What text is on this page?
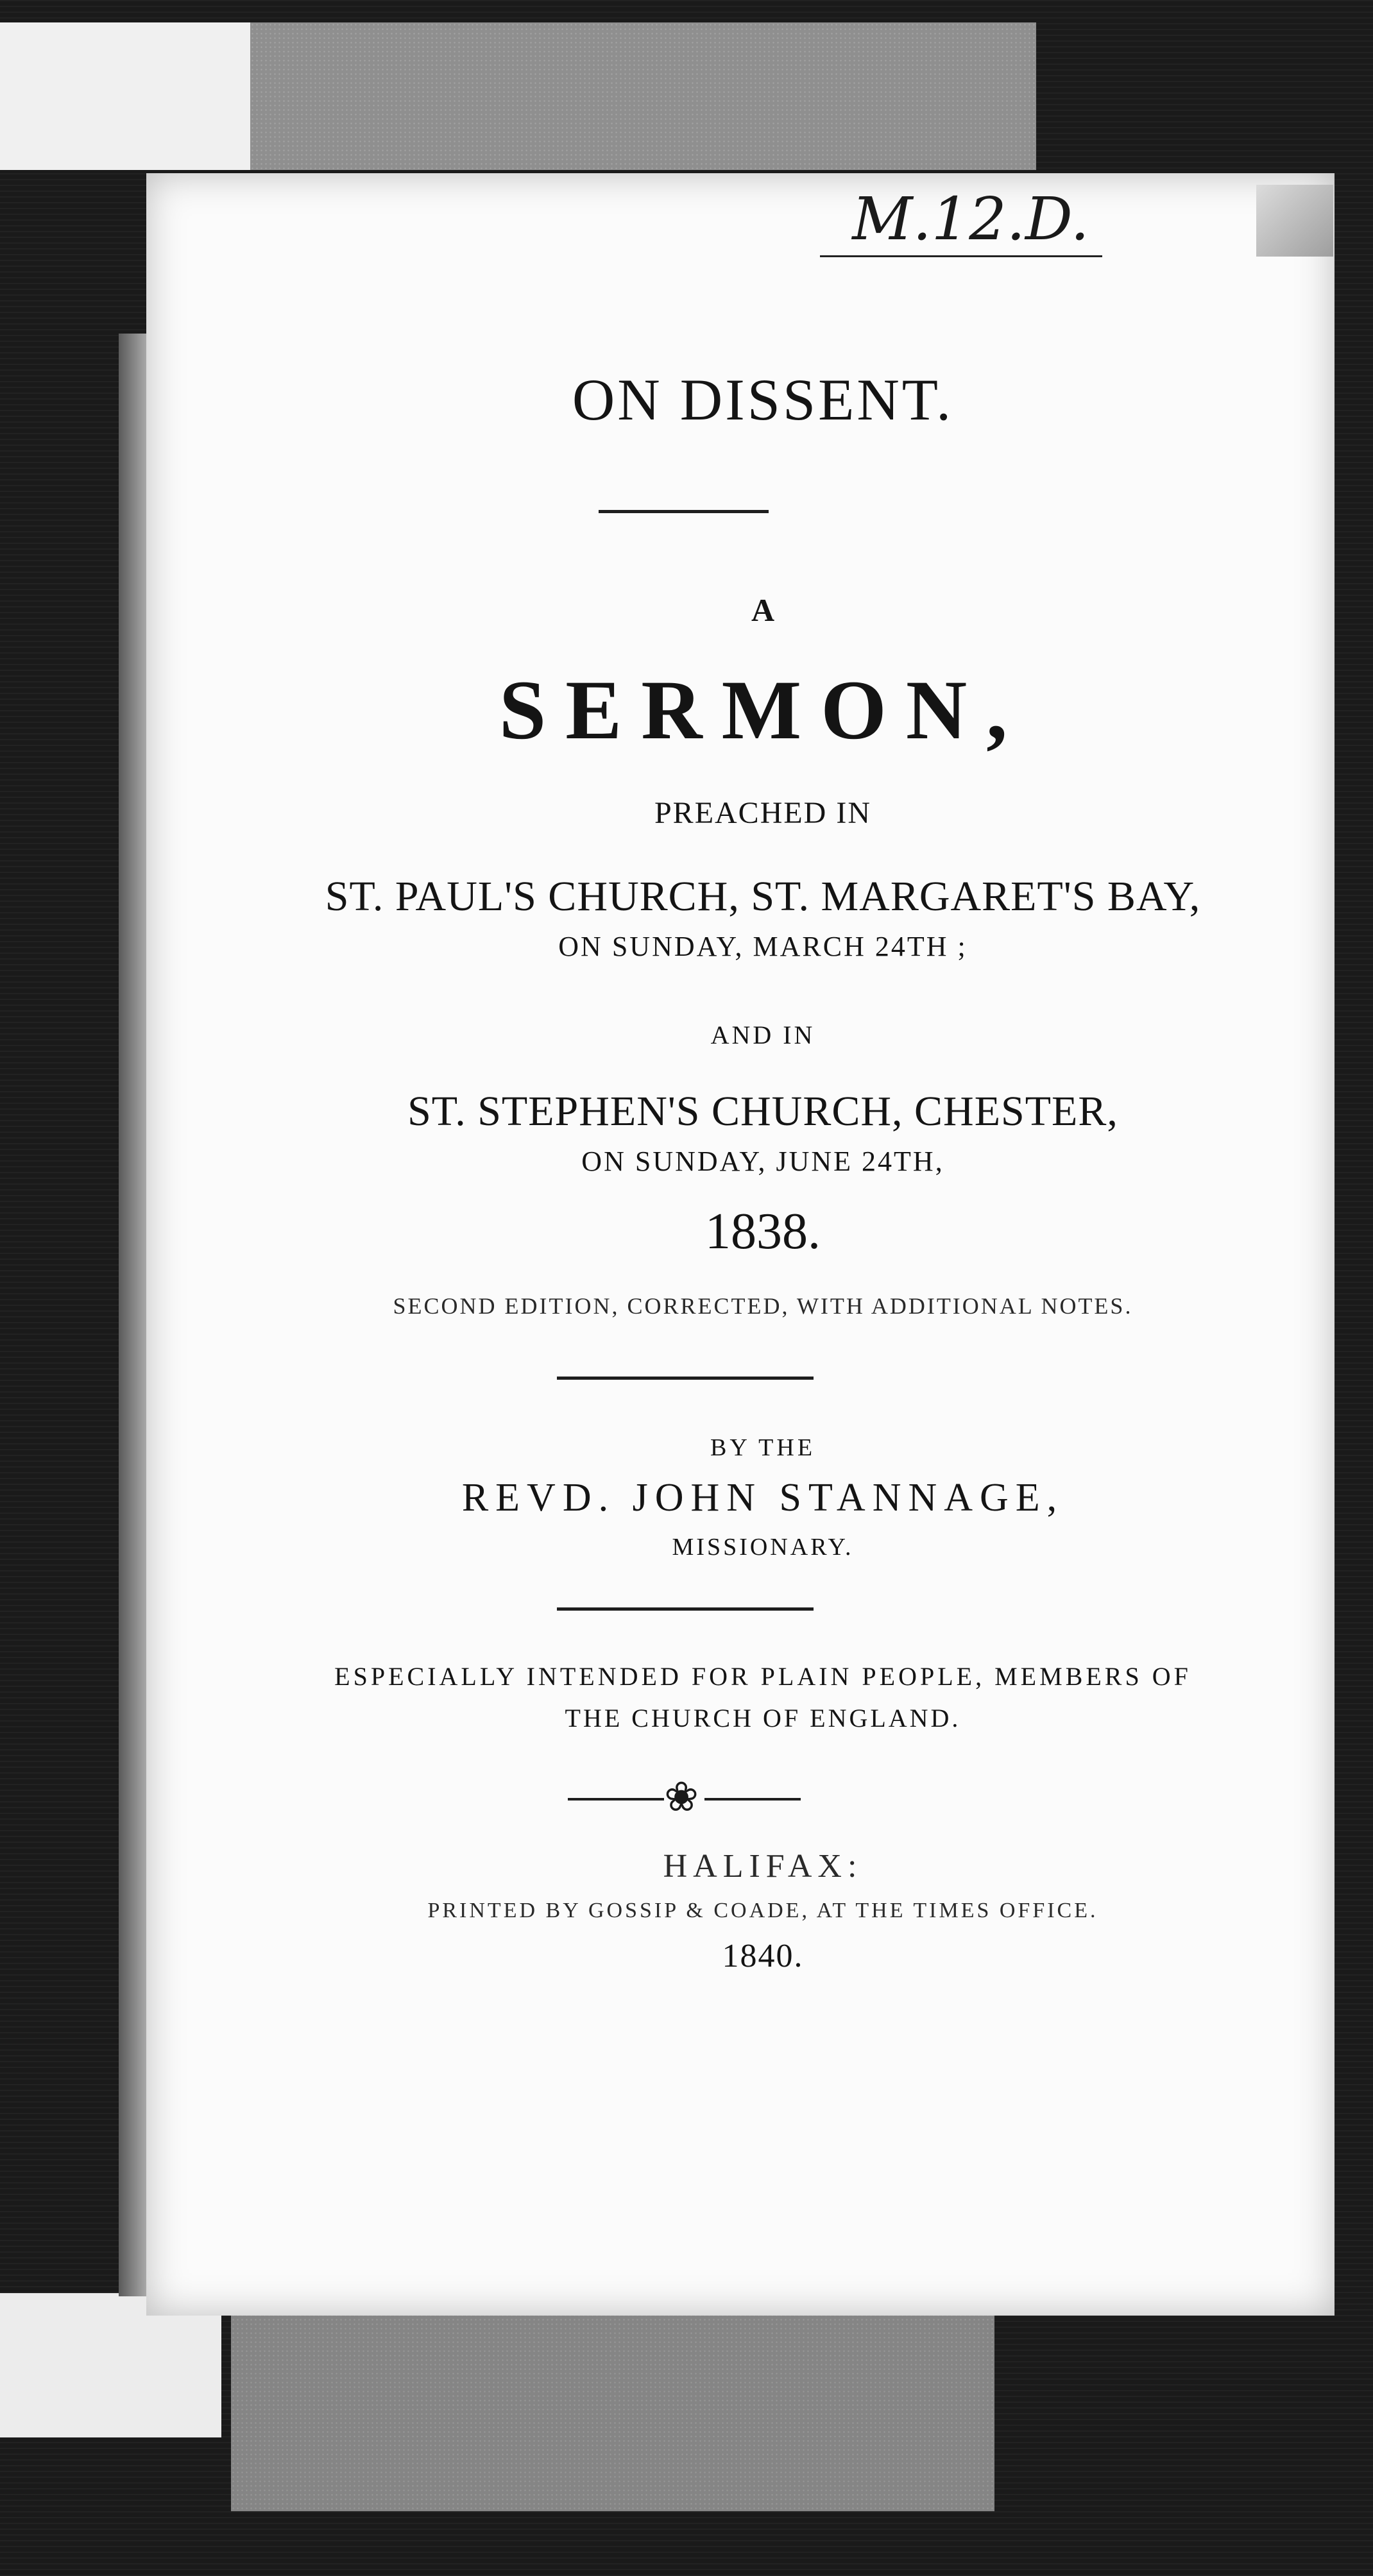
M.12.D.
ON DISSENT.
A
SERMON,
PREACHED IN
ST. PAUL'S CHURCH, ST. MARGARET'S BAY,
ON SUNDAY, MARCH 24TH ;
AND IN
ST. STEPHEN'S CHURCH, CHESTER,
ON SUNDAY, JUNE 24TH,
1838.
SECOND EDITION, CORRECTED, WITH ADDITIONAL NOTES.
BY THE
REVD. JOHN STANNAGE,
MISSIONARY.
ESPECIALLY INTENDED FOR PLAIN PEOPLE, MEMBERS OF
THE CHURCH OF ENGLAND.
❀
HALIFAX:
PRINTED BY GOSSIP & COADE, AT THE TIMES OFFICE.
1840.
